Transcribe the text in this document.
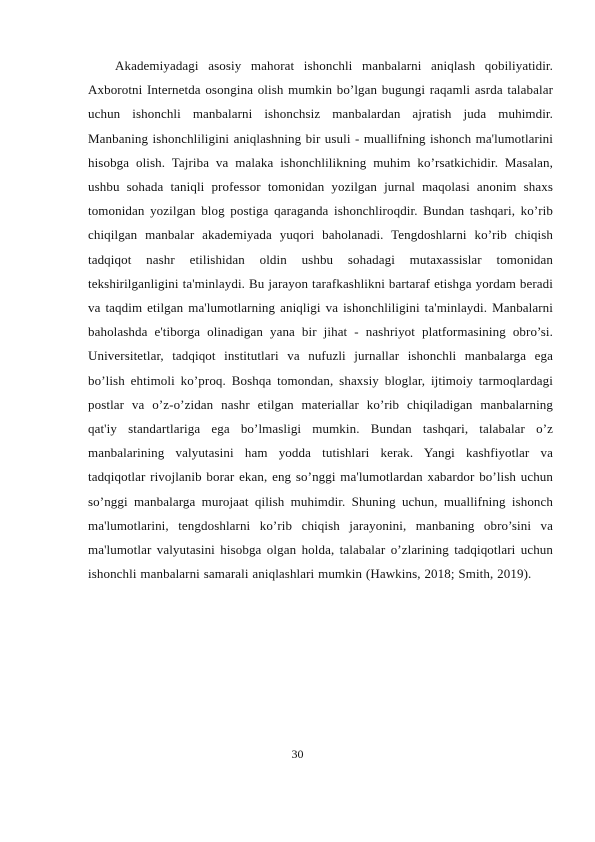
Akademiyadagi asosiy mahorat ishonchli manbalarni aniqlash qobiliyatidir. Axborotni Internetda osongina olish mumkin bo’lgan bugungi raqamli asrda talabalar uchun ishonchli manbalarni ishonchsiz manbalardan ajratish juda muhimdir. Manbaning ishonchliligini aniqlashning bir usuli - muallifning ishonch ma'lumotlarini hisobga olish. Tajriba va malaka ishonchlilikning muhim ko’rsatkichidir. Masalan, ushbu sohada taniqli professor tomonidan yozilgan jurnal maqolasi anonim shaxs tomonidan yozilgan blog postiga qaraganda ishonchliroqdir. Bundan tashqari, ko’rib chiqilgan manbalar akademiyada yuqori baholanadi. Tengdoshlarni ko’rib chiqish tadqiqot nashr etilishidan oldin ushbu sohadagi mutaxassislar tomonidan tekshirilganligini ta'minlaydi. Bu jarayon tarafkashlikni bartaraf etishga yordam beradi va taqdim etilgan ma'lumotlarning aniqligi va ishonchliligini ta'minlaydi. Manbalarni baholashda e'tiborga olinadigan yana bir jihat - nashriyot platformasining obro’si. Universitetlar, tadqiqot institutlari va nufuzli jurnallar ishonchli manbalarga ega bo’lish ehtimoli ko’proq. Boshqa tomondan, shaxsiy bloglar, ijtimoiy tarmoqlardagi postlar va o’z-o’zidan nashr etilgan materiallar ko’rib chiqiladigan manbalarning qat'iy standartlariga ega bo’lmasligi mumkin. Bundan tashqari, talabalar o’z manbalarining valyutasini ham yodda tutishlari kerak. Yangi kashfiyotlar va tadqiqotlar rivojlanib borar ekan, eng so’nggi ma'lumotlardan xabardor bo’lish uchun so’nggi manbalarga murojaat qilish muhimdir. Shuning uchun, muallifning ishonch ma'lumotlarini, tengdoshlarni ko’rib chiqish jarayonini, manbaning obro’sini va ma'lumotlar valyutasini hisobga olgan holda, talabalar o’zlarining tadqiqotlari uchun ishonchli manbalarni samarali aniqlashlari mumkin (Hawkins, 2018; Smith, 2019).

30
